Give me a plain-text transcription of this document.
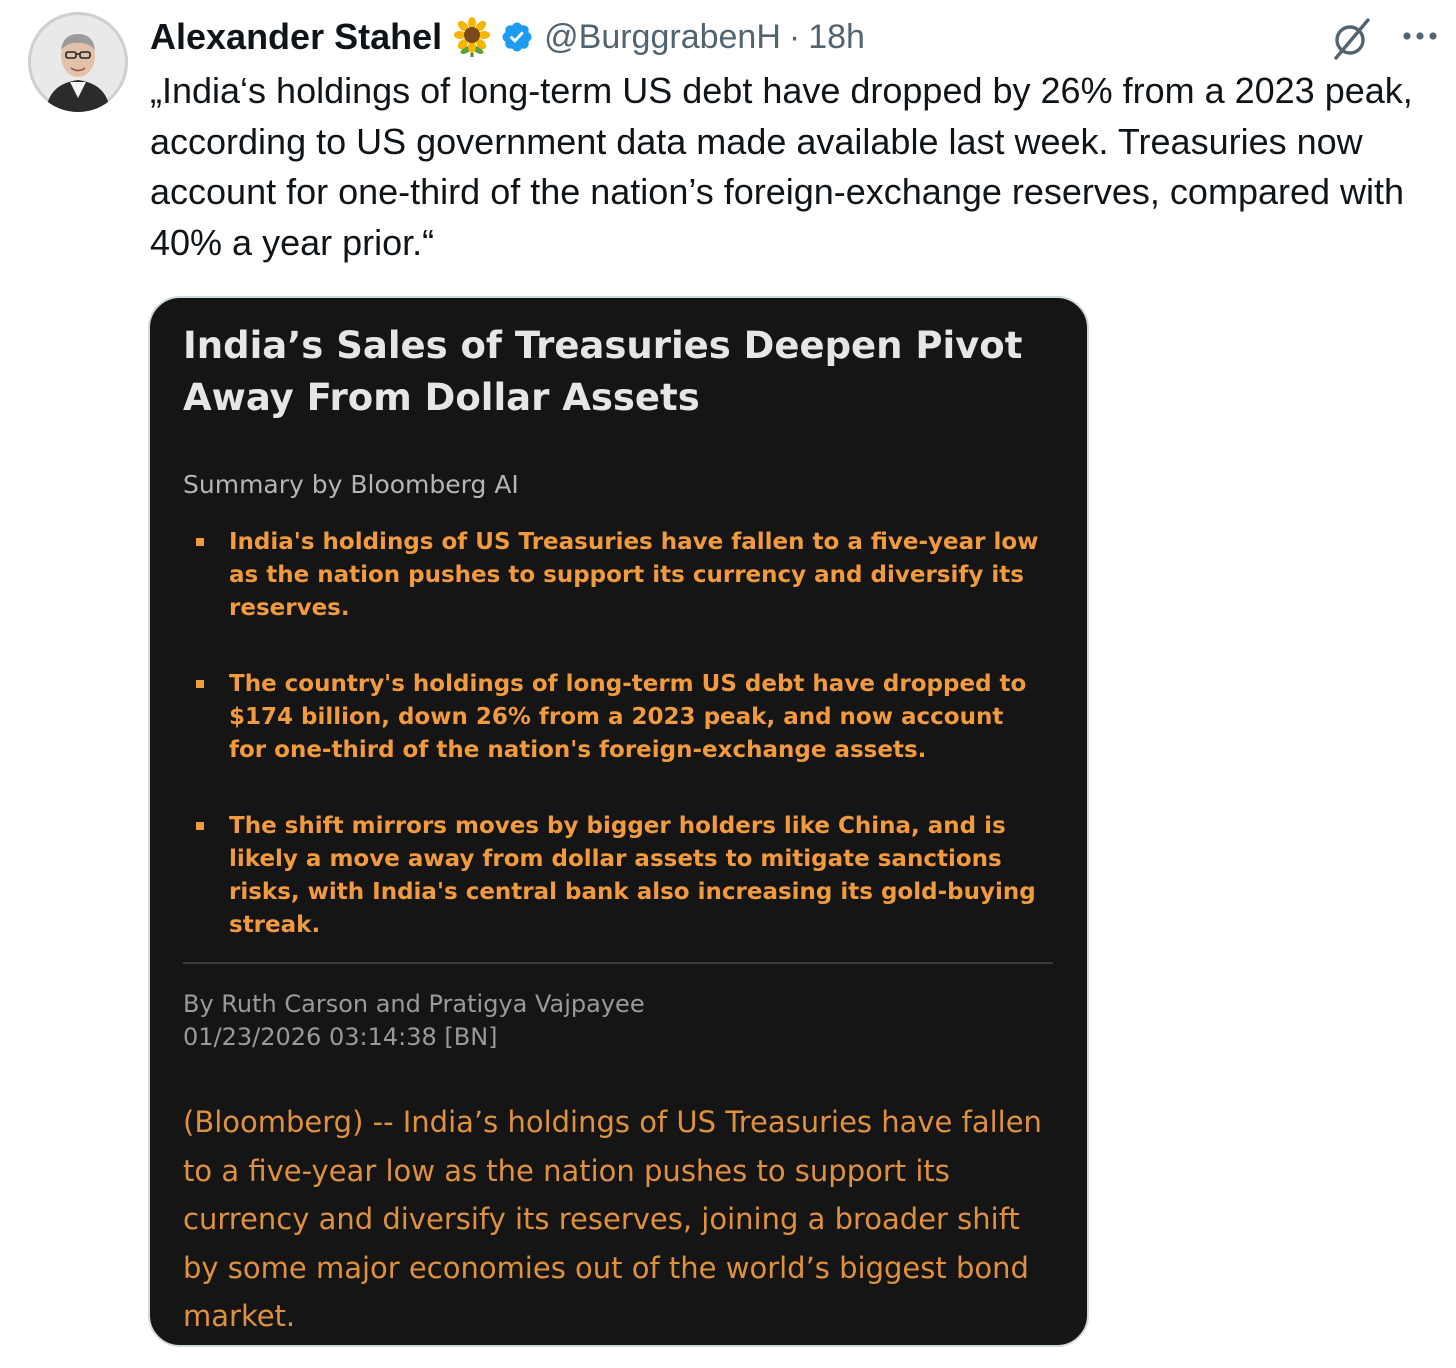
Alexander Stahel	@BurggrabenH · 18h

„India‘s holdings of long-term US debt have dropped by 26% from a 2023 peak, according to US government data made available last week. Treasuries now account for one-third of the nation’s foreign-exchange reserves, compared with 40% a year prior.“

India’s Sales of Treasuries Deepen Pivot Away From Dollar Assets
Summary by Bloomberg AI
India's holdings of US Treasuries have fallen to a five-year low as the nation pushes to support its currency and diversify its reserves.
The country's holdings of long-term US debt have dropped to $174 billion, down 26% from a 2023 peak, and now account for one-third of the nation's foreign-exchange assets.
The shift mirrors moves by bigger holders like China, and is likely a move away from dollar assets to mitigate sanctions risks, with India's central bank also increasing its gold-buying streak.
By Ruth Carson and Pratigya Vajpayee
01/23/2026 03:14:38 [BN]

(Bloomberg) -- India’s holdings of US Treasuries have fallen to a five-year low as the nation pushes to support its currency and diversify its reserves, joining a broader shift by some major economies out of the world’s biggest bond market.
